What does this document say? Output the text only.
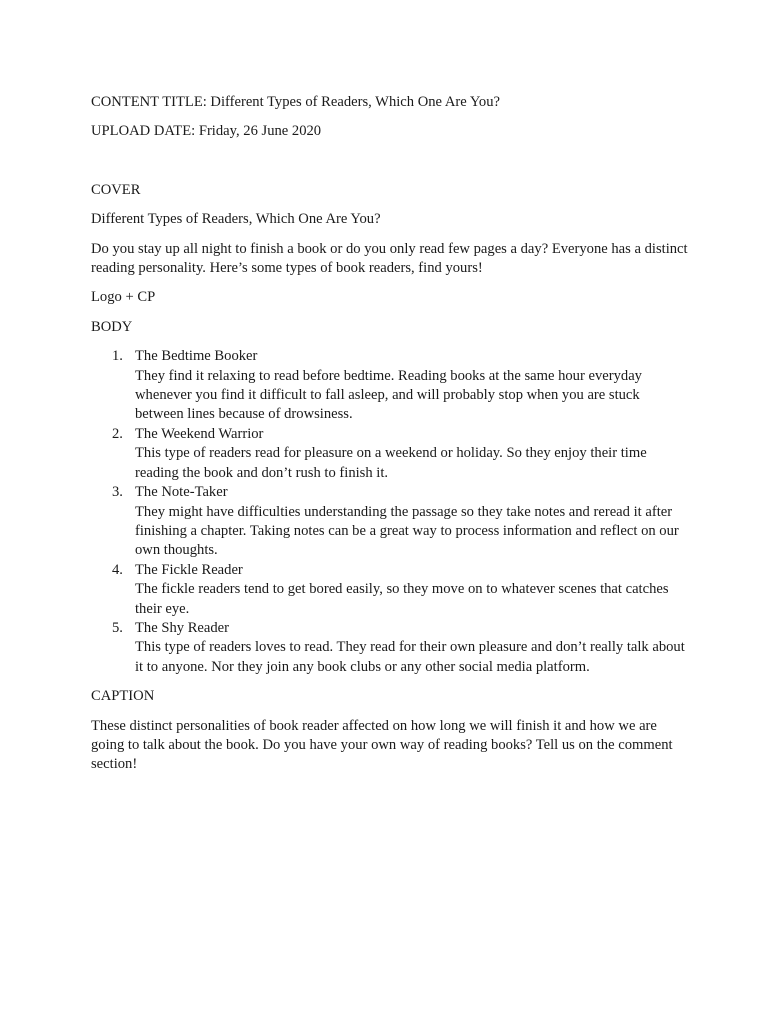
CONTENT TITLE: Different Types of Readers, Which One Are You?

UPLOAD DATE: Friday, 26 June 2020

COVER

Different Types of Readers, Which One Are You?

Do you stay up all night to finish a book or do you only read few pages a day? Everyone has a distinct reading personality. Here’s some types of book readers, find yours!

Logo + CP

BODY

1. The Bedtime Booker
They find it relaxing to read before bedtime. Reading books at the same hour everyday whenever you find it difficult to fall asleep, and will probably stop when you are stuck between lines because of drowsiness.
2. The Weekend Warrior
This type of readers read for pleasure on a weekend or holiday. So they enjoy their time reading the book and don’t rush to finish it.
3. The Note-Taker
They might have difficulties understanding the passage so they take notes and reread it after finishing a chapter. Taking notes can be a great way to process information and reflect on our own thoughts.
4. The Fickle Reader
The fickle readers tend to get bored easily, so they move on to whatever scenes that catches their eye.
5. The Shy Reader
This type of readers loves to read. They read for their own pleasure and don’t really talk about it to anyone. Nor they join any book clubs or any other social media platform.

CAPTION

These distinct personalities of book reader affected on how long we will finish it and how we are going to talk about the book. Do you have your own way of reading books? Tell us on the comment section!
